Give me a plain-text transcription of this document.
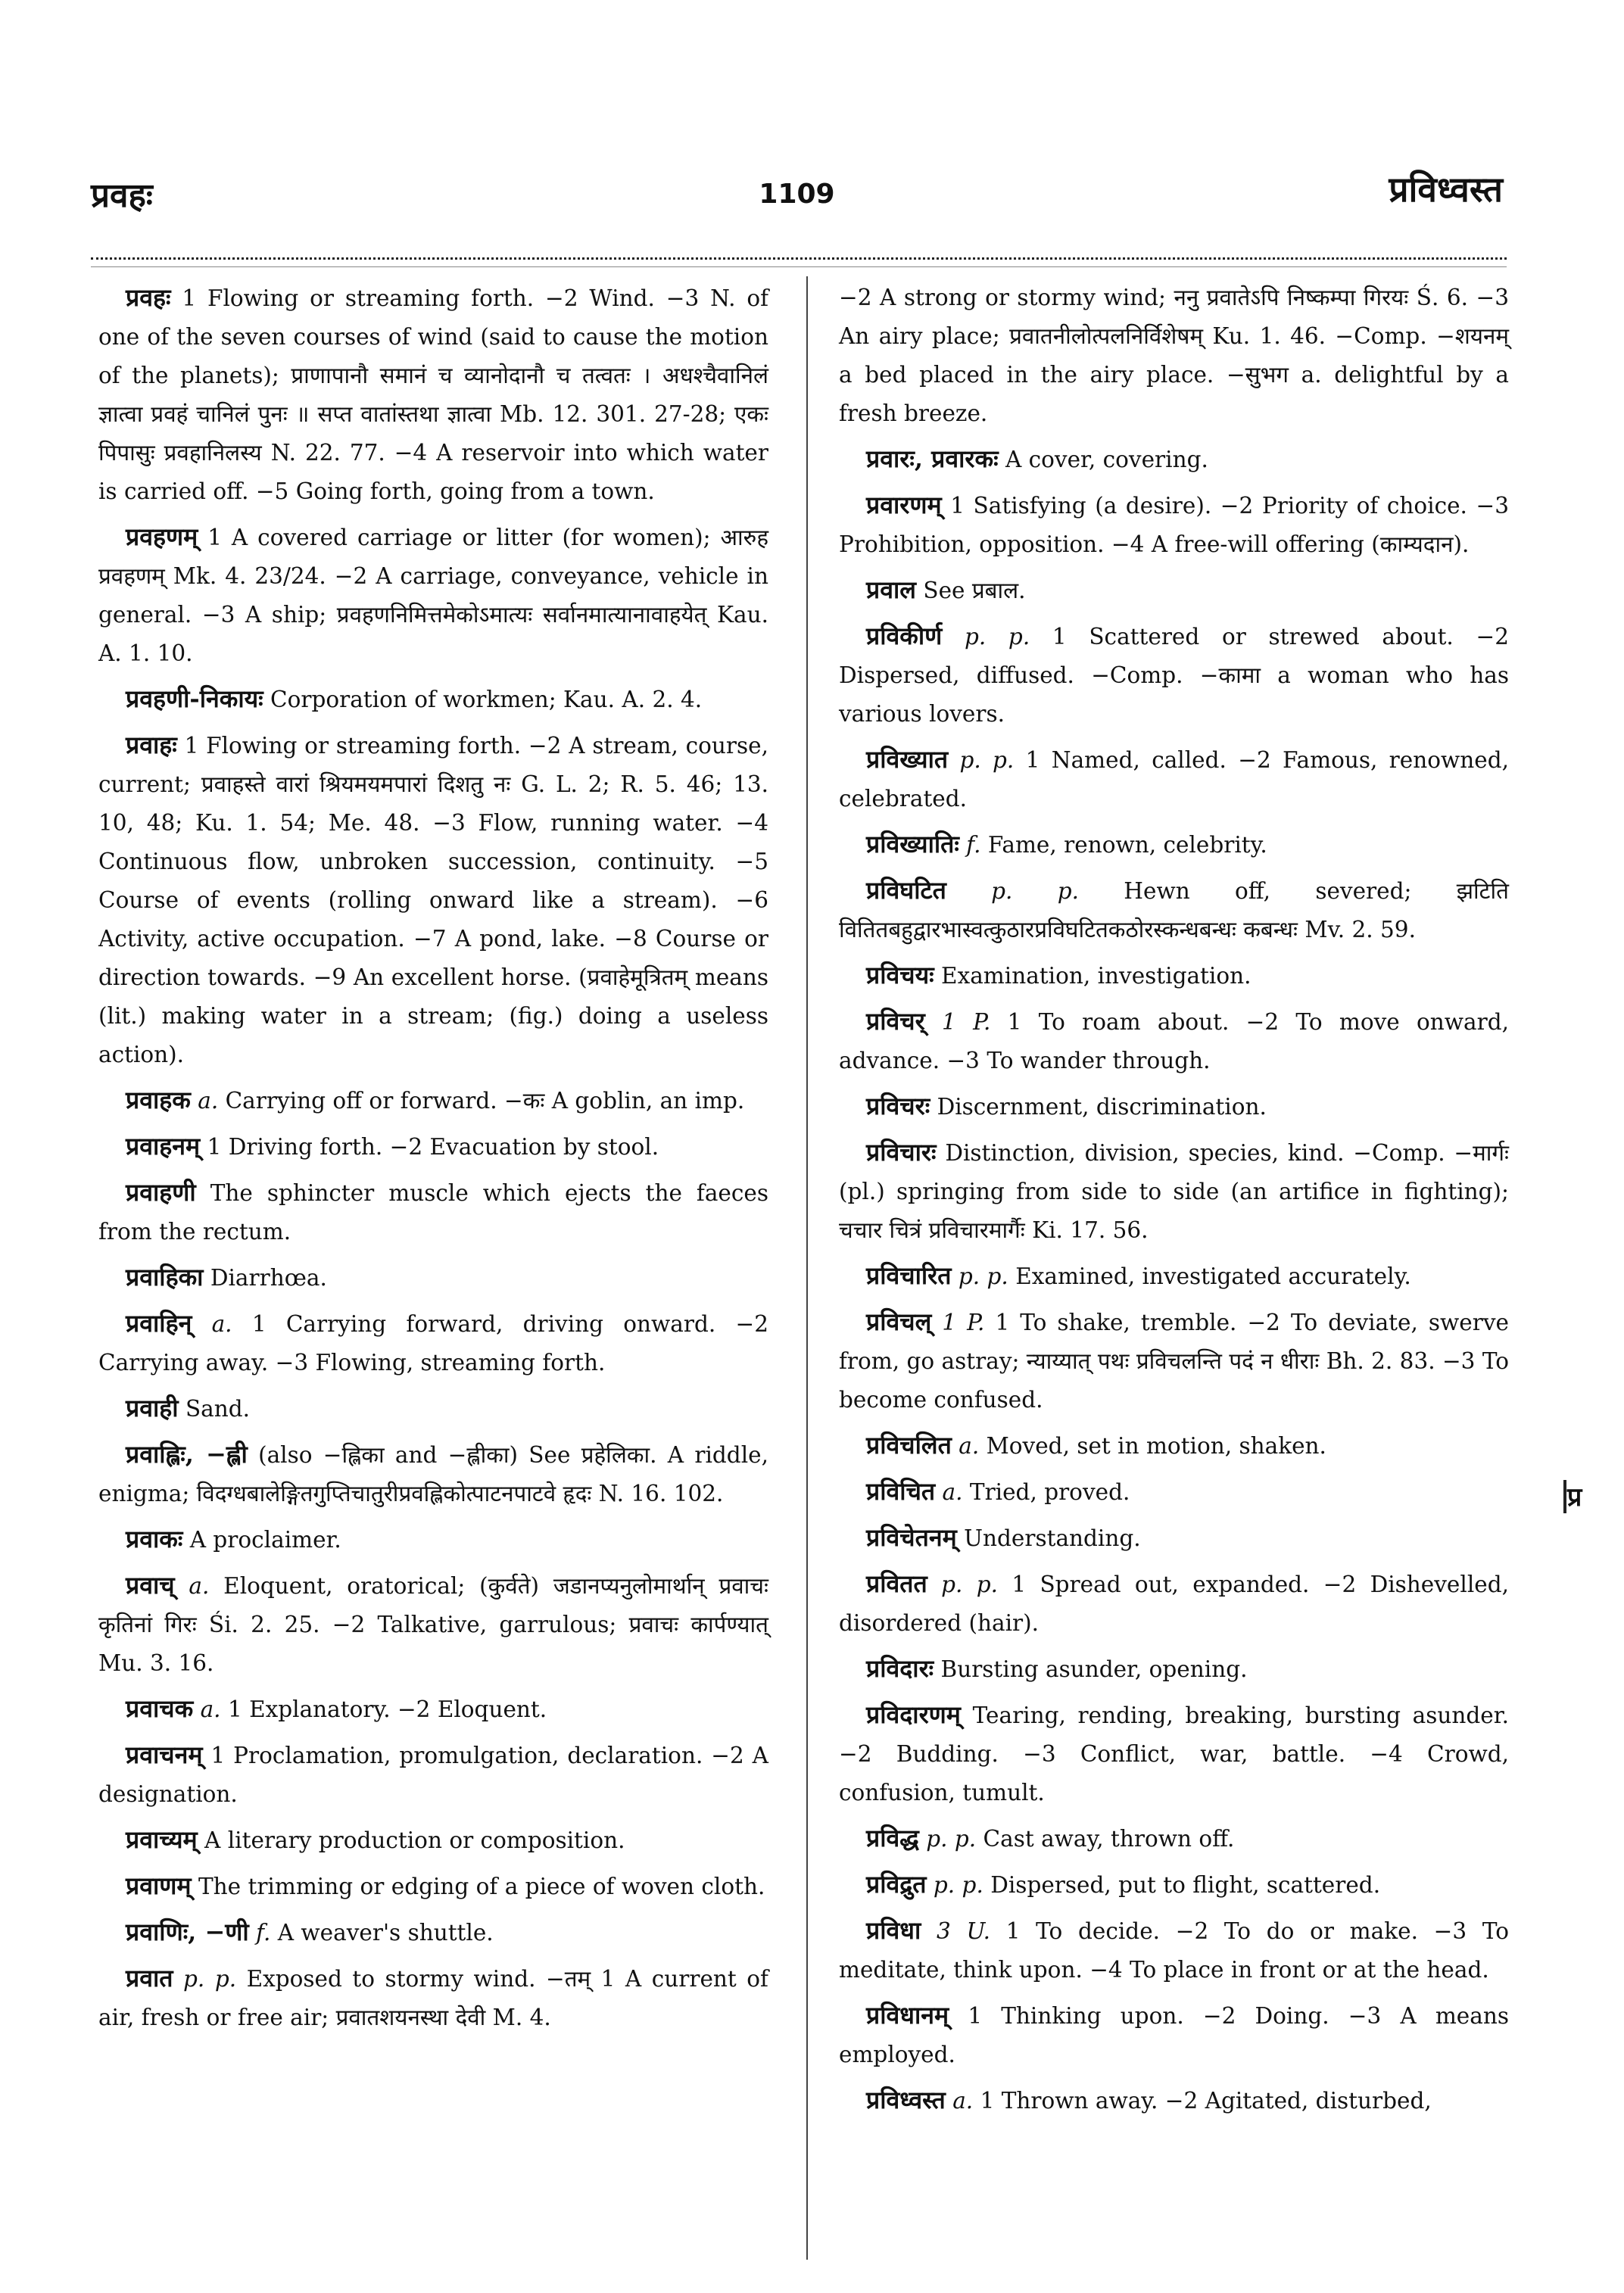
प्रवहः	1109	प्रविध्वस्त
प्रवहः 1 Flowing or streaming forth. −2 Wind. −3 N. of one of the seven courses of wind (said to cause the motion of the planets); प्राणापानौ समानं च व्यानोदानौ च तत्वतः । अधश्चैवानिलं ज्ञात्वा प्रवहं चानिलं पुनः ॥ सप्त वातांस्तथा ज्ञात्वा Mb. 12. 301. 27-28; एकः पिपासुः प्रवहानिलस्य N. 22. 77. −4 A reservoir into which water is carried off. −5 Going forth, going from a town.
प्रवहणम् 1 A covered carriage or litter (for women); आरुह प्रवहणम् Mk. 4. 23/24. −2 A carriage, conveyance, vehicle in general. −3 A ship; प्रवहणनिमित्तमेकोऽमात्यः सर्वानमात्यानावाहयेत् Kau. A. 1. 10.
प्रवहणी-निकायः Corporation of workmen; Kau. A. 2. 4.
प्रवाहः 1 Flowing or streaming forth. −2 A stream, course, current; प्रवाहस्ते वारां श्रियमयमपारां दिशतु नः G. L. 2; R. 5. 46; 13. 10, 48; Ku. 1. 54; Me. 48. −3 Flow, running water. −4 Continuous flow, unbroken succession, continuity. −5 Course of events (rolling onward like a stream). −6 Activity, active occupation. −7 A pond, lake. −8 Course or direction towards. −9 An excellent horse. (प्रवाहेमूत्रितम् means (lit.) making water in a stream; (fig.) doing a useless action).
प्रवाहक a. Carrying off or forward. −कः A goblin, an imp.
प्रवाहनम् 1 Driving forth. −2 Evacuation by stool.
प्रवाहणी The sphincter muscle which ejects the faeces from the rectum.
प्रवाहिका Diarrhœa.
प्रवाहिन् a. 1 Carrying forward, driving onward. −2 Carrying away. −3 Flowing, streaming forth.
प्रवाही Sand.
प्रवाह्लिः, −ह्ली (also −ह्लिका and −ह्लीका) See प्रहेलिका. A riddle, enigma; विदग्धबालेङ्गितगुप्तिचातुरीप्रवह्लिकोत्पाटनपाटवे हृदः N. 16. 102.
प्रवाकः A proclaimer.
प्रवाच् a. Eloquent, oratorical; (कुर्वते) जडानप्यनुलोमार्थान् प्रवाचः कृतिनां गिरः Śi. 2. 25. −2 Talkative, garrulous; प्रवाचः कार्पण्यात् Mu. 3. 16.
प्रवाचक a. 1 Explanatory. −2 Eloquent.
प्रवाचनम् 1 Proclamation, promulgation, declaration. −2 A designation.
प्रवाच्यम् A literary production or composition.
प्रवाणम् The trimming or edging of a piece of woven cloth.
प्रवाणिः, −णी f. A weaver's shuttle.
प्रवात p. p. Exposed to stormy wind. −तम् 1 A current of air, fresh or free air; प्रवातशयनस्था देवी M. 4.
−2 A strong or stormy wind; ननु प्रवातेऽपि निष्कम्पा गिरयः Ś. 6. −3 An airy place; प्रवातनीलोत्पलनिर्विशेषम् Ku. 1. 46. −Comp. −शयनम् a bed placed in the airy place. −सुभग a. delightful by a fresh breeze.
प्रवारः, प्रवारकः A cover, covering.
प्रवारणम् 1 Satisfying (a desire). −2 Priority of choice. −3 Prohibition, opposition. −4 A free-will offering (काम्यदान).
प्रवाल See प्रबाल.
प्रविकीर्ण p. p. 1 Scattered or strewed about. −2 Dispersed, diffused. −Comp. −कामा a woman who has various lovers.
प्रविख्यात p. p. 1 Named, called. −2 Famous, renowned, celebrated.
प्रविख्यातिः f. Fame, renown, celebrity.
प्रविघटित p. p. Hewn off, severed; झटिति वितितबहुद्वारभास्वत्कुठारप्रविघटितकठोरस्कन्धबन्धः कबन्धः Mv. 2. 59.
प्रविचयः Examination, investigation.
प्रविचर् 1 P. 1 To roam about. −2 To move onward, advance. −3 To wander through.
प्रविचरः Discernment, discrimination.
प्रविचारः Distinction, division, species, kind. −Comp. −मार्गः (pl.) springing from side to side (an artifice in fighting); चचार चित्रं प्रविचारमार्गैः Ki. 17. 56.
प्रविचारित p. p. Examined, investigated accurately.
प्रविचल् 1 P. 1 To shake, tremble. −2 To deviate, swerve from, go astray; न्याय्यात् पथः प्रविचलन्ति पदं न धीराः Bh. 2. 83. −3 To become confused.
प्रविचलित a. Moved, set in motion, shaken.
प्रविचित a. Tried, proved.
प्रविचेतनम् Understanding.
प्रवितत p. p. 1 Spread out, expanded. −2 Dishevelled, disordered (hair).
प्रविदारः Bursting asunder, opening.
प्रविदारणम् Tearing, rending, breaking, bursting asunder. −2 Budding. −3 Conflict, war, battle. −4 Crowd, confusion, tumult.
प्रविद्ध p. p. Cast away, thrown off.
प्रविद्रुत p. p. Dispersed, put to flight, scattered.
प्रविधा 3 U. 1 To decide. −2 To do or make. −3 To meditate, think upon. −4 To place in front or at the head.
प्रविधानम् 1 Thinking upon. −2 Doing. −3 A means employed.
प्रविध्वस्त a. 1 Thrown away. −2 Agitated, disturbed,
प्र
